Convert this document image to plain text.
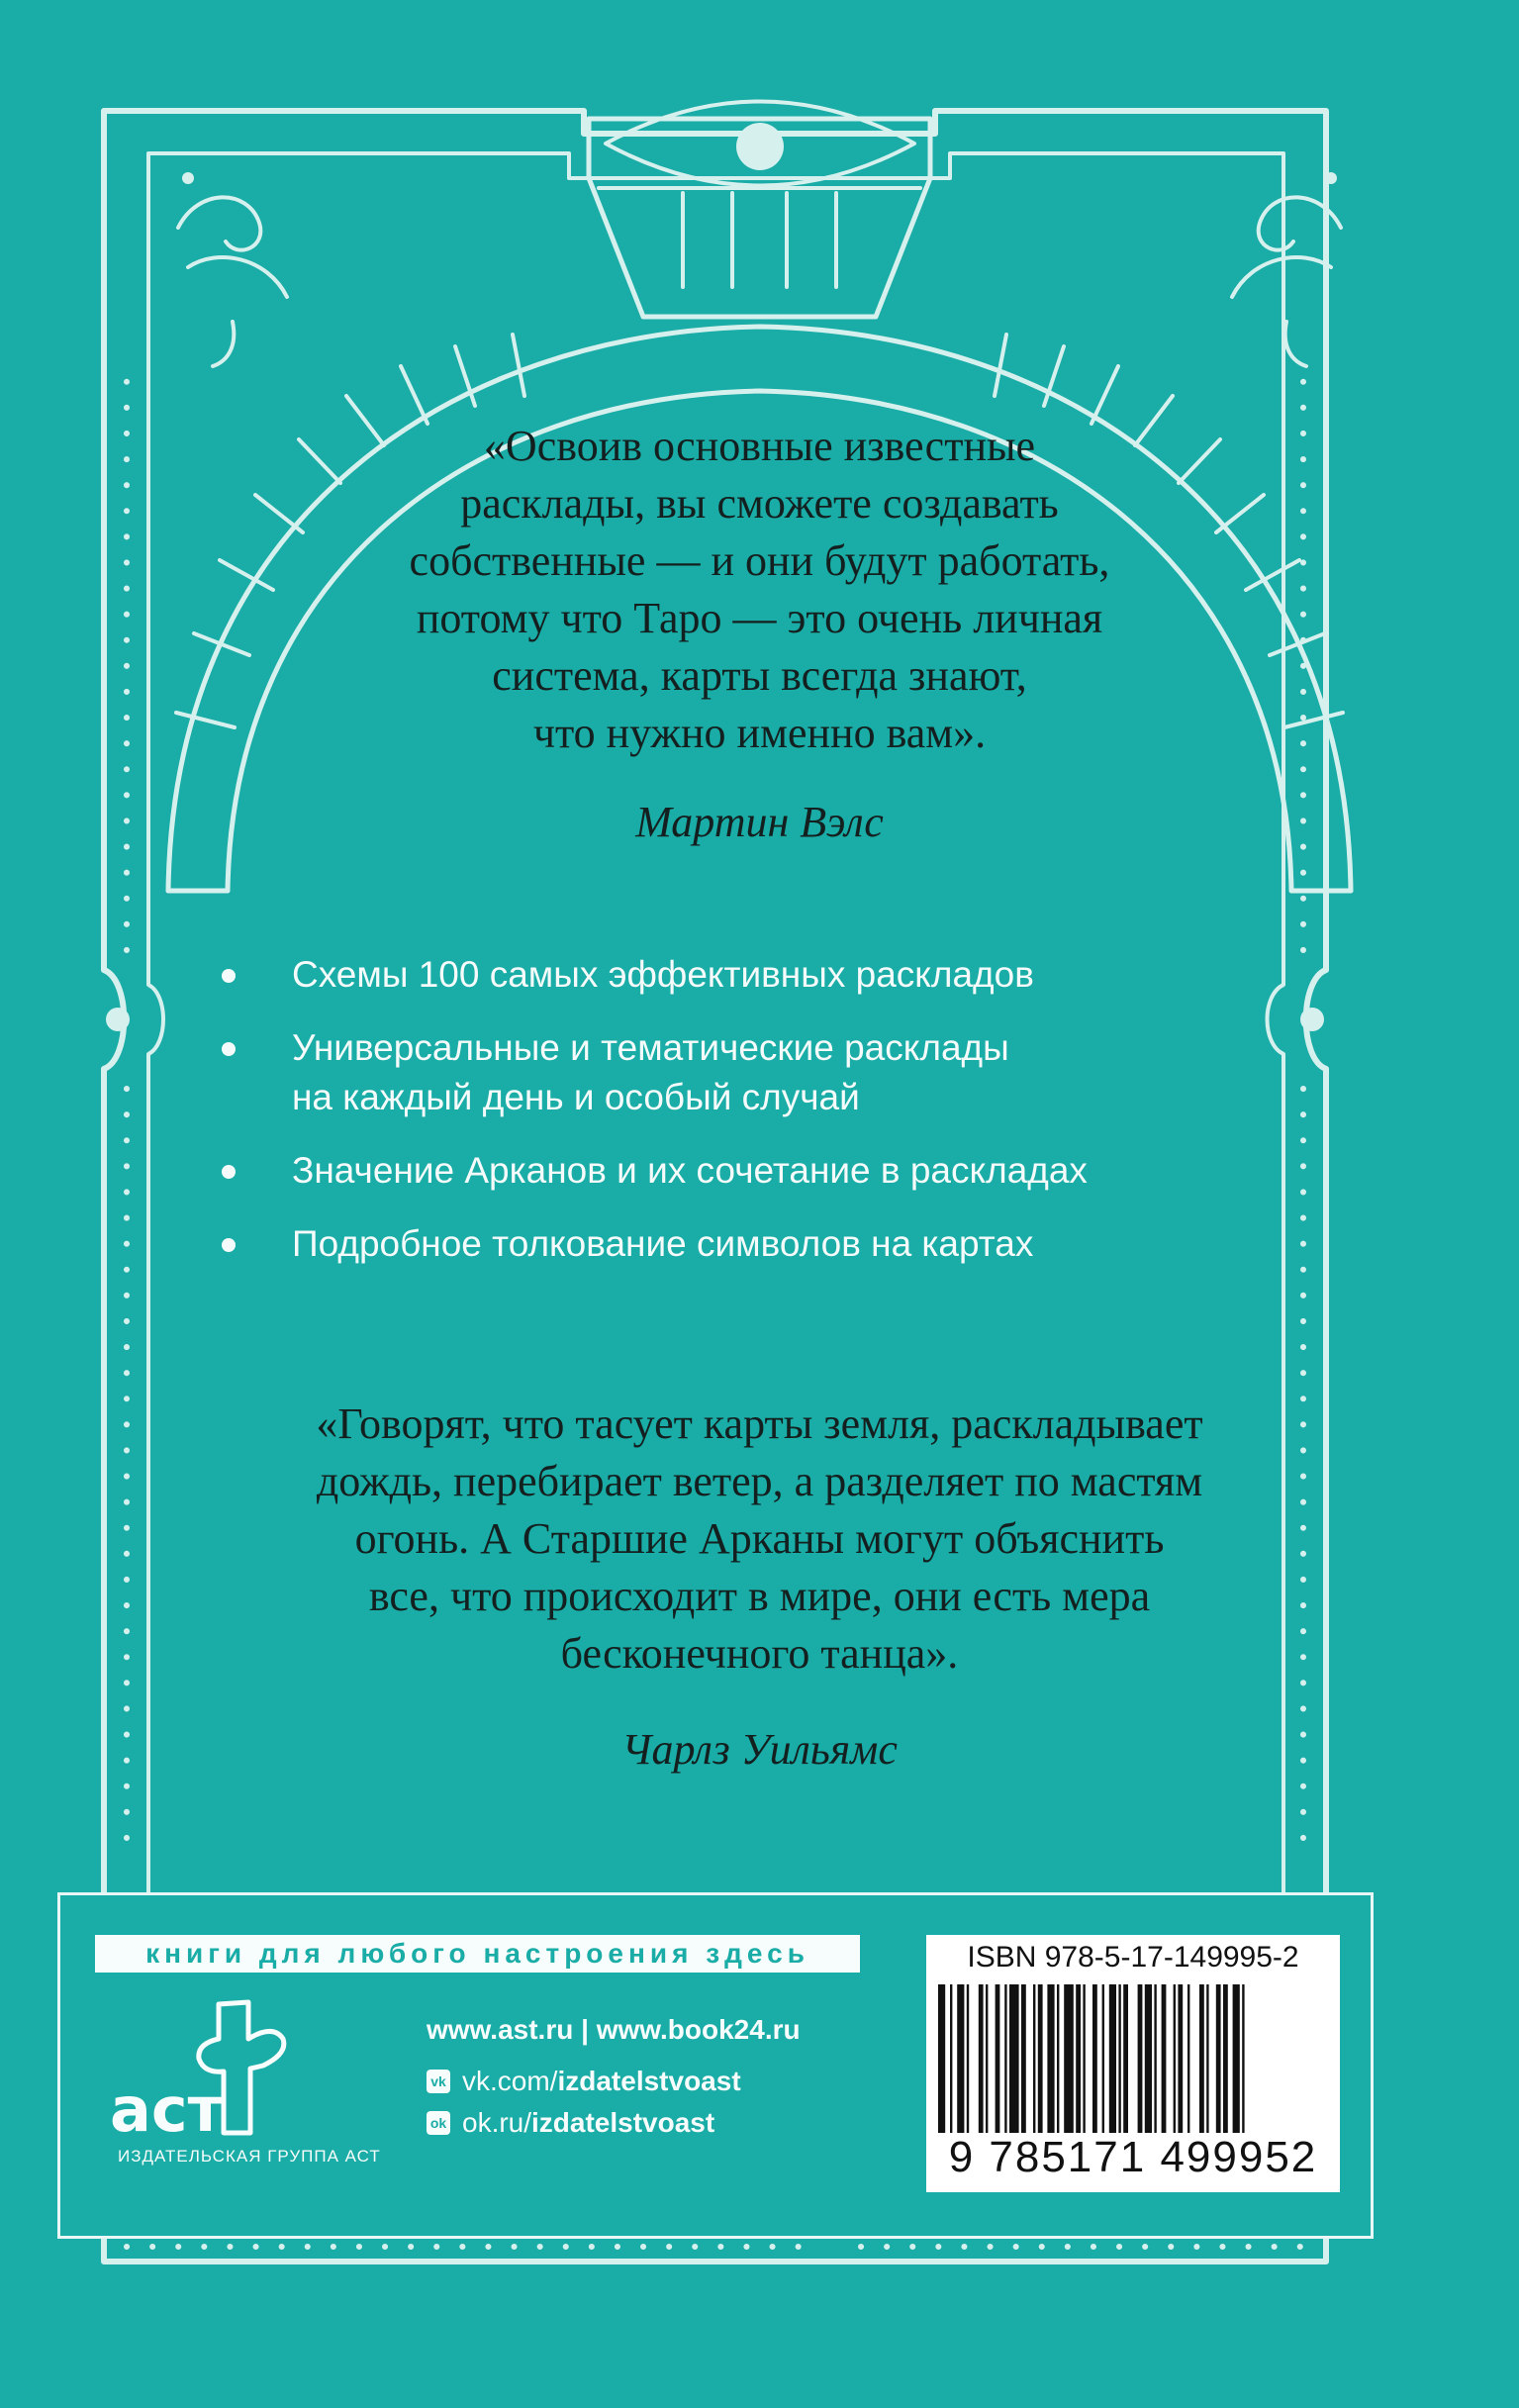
«Освоив основные известные
расклады, вы сможете создавать
собственные — и они будут работать,
потому что Таро — это очень личная
система, карты всегда знают,
что нужно именно вам».
Мартин Вэлс
Схемы 100 самых эффективных раскладов
Универсальные и тематические расклады
на каждый день и особый случай
Значение Арканов и их сочетание в раскладах
Подробное толкование символов на картах
«Говорят, что тасует карты земля, раскладывает
дождь, перебирает ветер, а разделяет по мастям
огонь. А Старшие Арканы могут объяснить
все, что происходит в мире, они есть мера
бесконечного танца».
Чарлз Уильямс
книги для любого настроения здесь
аст
ИЗДАТЕЛЬСКАЯ ГРУППА АСТ
www.ast.ru | www.book24.ru
vk vk.com/ izdatelstvoast
ok ok.ru/ izdatelstvoast
ISBN 978-5-17-149995-2
9 785171 499952
